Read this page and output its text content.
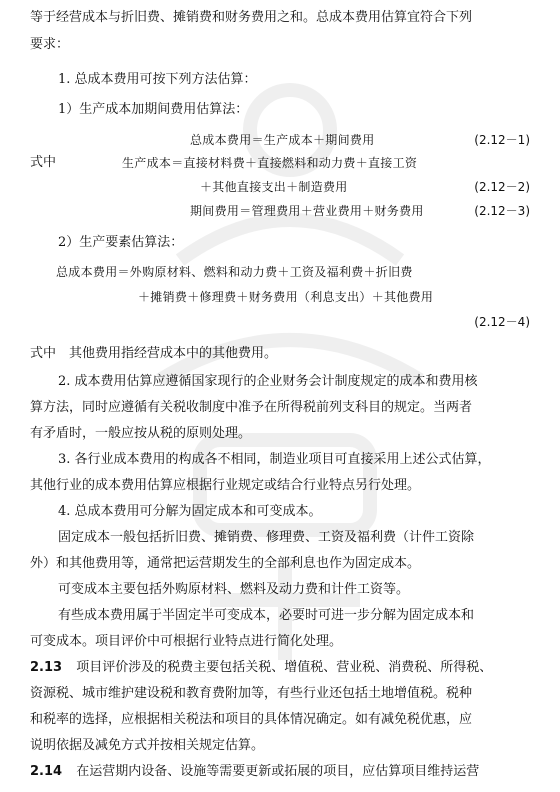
等于经营成本与折旧费、摊销费和财务费用之和。总成本费用估算宜符合下列
要求：
1. 总成本费用可按下列方法估算：
1）生产成本加期间费用估算法：
总成本费用＝生产成本＋期间费用	(2.12－1)
式中	生产成本＝直接材料费＋直接燃料和动力费＋直接工资
＋其他直接支出＋制造费用	(2.12－2)
期间费用＝管理费用＋营业费用＋财务费用	(2.12－3)
2）生产要素估算法：
总成本费用＝外购原材料、燃料和动力费＋工资及福利费＋折旧费
＋摊销费＋修理费＋财务费用（利息支出）＋其他费用
(2.12－4)
式中　其他费用指经营成本中的其他费用。
2. 成本费用估算应遵循国家现行的企业财务会计制度规定的成本和费用核
算方法，同时应遵循有关税收制度中准予在所得税前列支科目的规定。当两者
有矛盾时，一般应按从税的原则处理。
3. 各行业成本费用的构成各不相同，制造业项目可直接采用上述公式估算，
其他行业的成本费用估算应根据行业规定或结合行业特点另行处理。
4. 总成本费用可分解为固定成本和可变成本。
固定成本一般包括折旧费、摊销费、修理费、工资及福利费（计件工资除
外）和其他费用等，通常把运营期发生的全部利息也作为固定成本。
可变成本主要包括外购原材料、燃料及动力费和计件工资等。
有些成本费用属于半固定半可变成本，必要时可进一步分解为固定成本和
可变成本。项目评价中可根据行业特点进行简化处理。
2.13 项目评价涉及的税费主要包括关税、增值税、营业税、消费税、所得税、
资源税、城市维护建设税和教育费附加等，有些行业还包括土地增值税。税种
和税率的选择，应根据相关税法和项目的具体情况确定。如有减免税优惠，应
说明依据及减免方式并按相关规定估算。
2.14 在运营期内设备、设施等需要更新或拓展的项目，应估算项目维持运营
